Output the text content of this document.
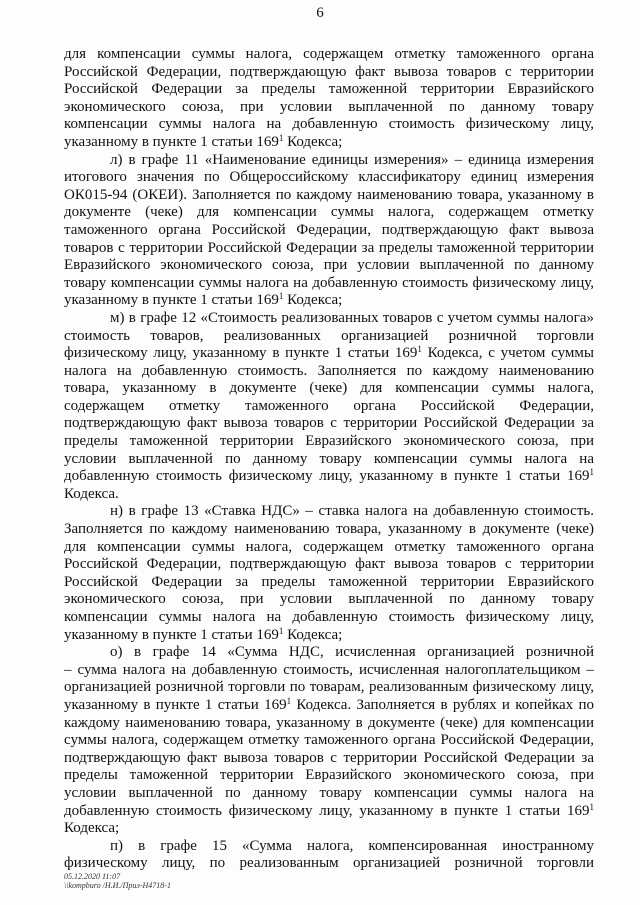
6
для компенсации суммы налога, содержащем отметку таможенного органа
Российской Федерации, подтверждающую факт вывоза товаров с территории
Российской Федерации за пределы таможенной территории Евразийского
экономического союза, при условии выплаченной по данному товару
компенсации суммы налога на добавленную стоимость физическому лицу,
указанному в пункте 1 статьи $169^1$ Кодекса;
л) в графе 11 «Наименование единицы измерения» – единица измерения
итогового значения по Общероссийскому классификатору единиц измерения
ОК015-94 (ОКЕИ). Заполняется по каждому наименованию товара, указанному в
документе (чеке) для компенсации суммы налога, содержащем отметку
таможенного органа Российской Федерации, подтверждающую факт вывоза
товаров с территории Российской Федерации за пределы таможенной территории
Евразийского экономического союза, при условии выплаченной по данному
товару компенсации суммы налога на добавленную стоимость физическому лицу,
указанному в пункте 1 статьи $169^1$ Кодекса;
м) в графе 12 «Стоимость реализованных товаров с учетом суммы налога»
стоимость товаров, реализованных организацией розничной торговли
физическому лицу, указанному в пункте 1 статьи $169^1$ Кодекса, с учетом суммы
налога на добавленную стоимость. Заполняется по каждому наименованию
товара, указанному в документе (чеке) для компенсации суммы налога,
содержащем отметку таможенного органа Российской Федерации,
подтверждающую факт вывоза товаров с территории Российской Федерации за
пределы таможенной территории Евразийского экономического союза, при
условии выплаченной по данному товару компенсации суммы налога на
добавленную стоимость физическому лицу, указанному в пункте 1 статьи $169^1$
Кодекса.
н) в графе 13 «Ставка НДС» – ставка налога на добавленную стоимость.
Заполняется по каждому наименованию товара, указанному в документе (чеке)
для компенсации суммы налога, содержащем отметку таможенного органа
Российской Федерации, подтверждающую факт вывоза товаров с территории
Российской Федерации за пределы таможенной территории Евразийского
экономического союза, при условии выплаченной по данному товару
компенсации суммы налога на добавленную стоимость физическому лицу,
указанному в пункте 1 статьи $169^1$ Кодекса;
о) в графе 14 «Сумма НДС, исчисленная организацией розничной
– сумма налога на добавленную стоимость, исчисленная налогоплательщиком –
организацией розничной торговли по товарам, реализованным физическому лицу,
указанному в пункте 1 статьи $169^1$ Кодекса. Заполняется в рублях и копейках по
каждому наименованию товара, указанному в документе (чеке) для компенсации
суммы налога, содержащем отметку таможенного органа Российской Федерации,
подтверждающую факт вывоза товаров с территории Российской Федерации за
пределы таможенной территории Евразийского экономического союза, при
условии выплаченной по данному товару компенсации суммы налога на
добавленную стоимость физическому лицу, указанному в пункте 1 статьи $169^1$
Кодекса;
п) в графе 15 «Сумма налога, компенсированная иностранному
физическому лицу, по реализованным организацией розничной торговли
05.12.2020 11:07
\\kompburo /Н.И./Прил-Н4718-1
